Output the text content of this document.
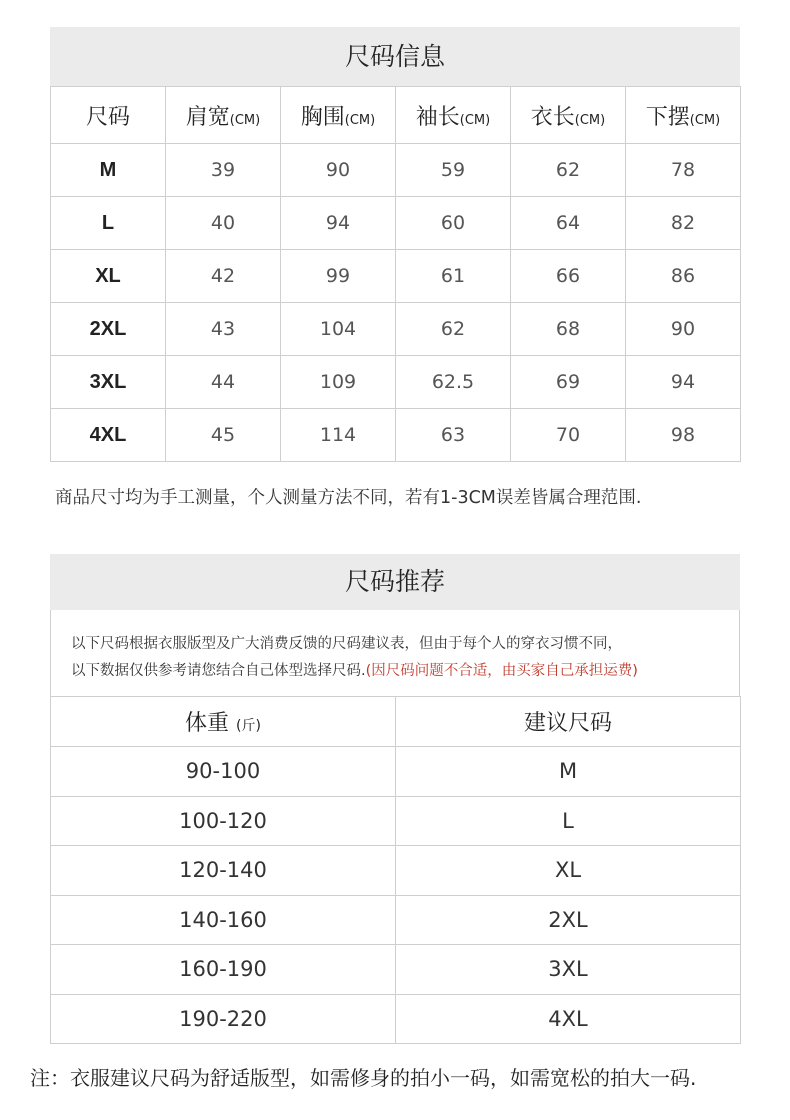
尺码信息
尺码	肩宽(CM)	胸围(CM)	袖长(CM)	衣长(CM)	下摆(CM)
M	39	90	59	62	78
L	40	94	60	64	82
XL	42	99	61	66	86
2XL	43	104	62	68	90
3XL	44	109	62.5	69	94
4XL	45	114	63	70	98
商品尺寸均为手工测量，个人测量方法不同，若有1-3CM误差皆属合理范围.
尺码推荐
以下尺码根据衣服版型及广大消费反馈的尺码建议表，但由于每个人的穿衣习惯不同，
以下数据仅供参考请您结合自己体型选择尺码.(因尺码问题不合适，由买家自己承担运费)
体重 (斤)	建议尺码
90-100	M
100-120	L
120-140	XL
140-160	2XL
160-190	3XL
190-220	4XL
注：衣服建议尺码为舒适版型，如需修身的拍小一码，如需宽松的拍大一码.
